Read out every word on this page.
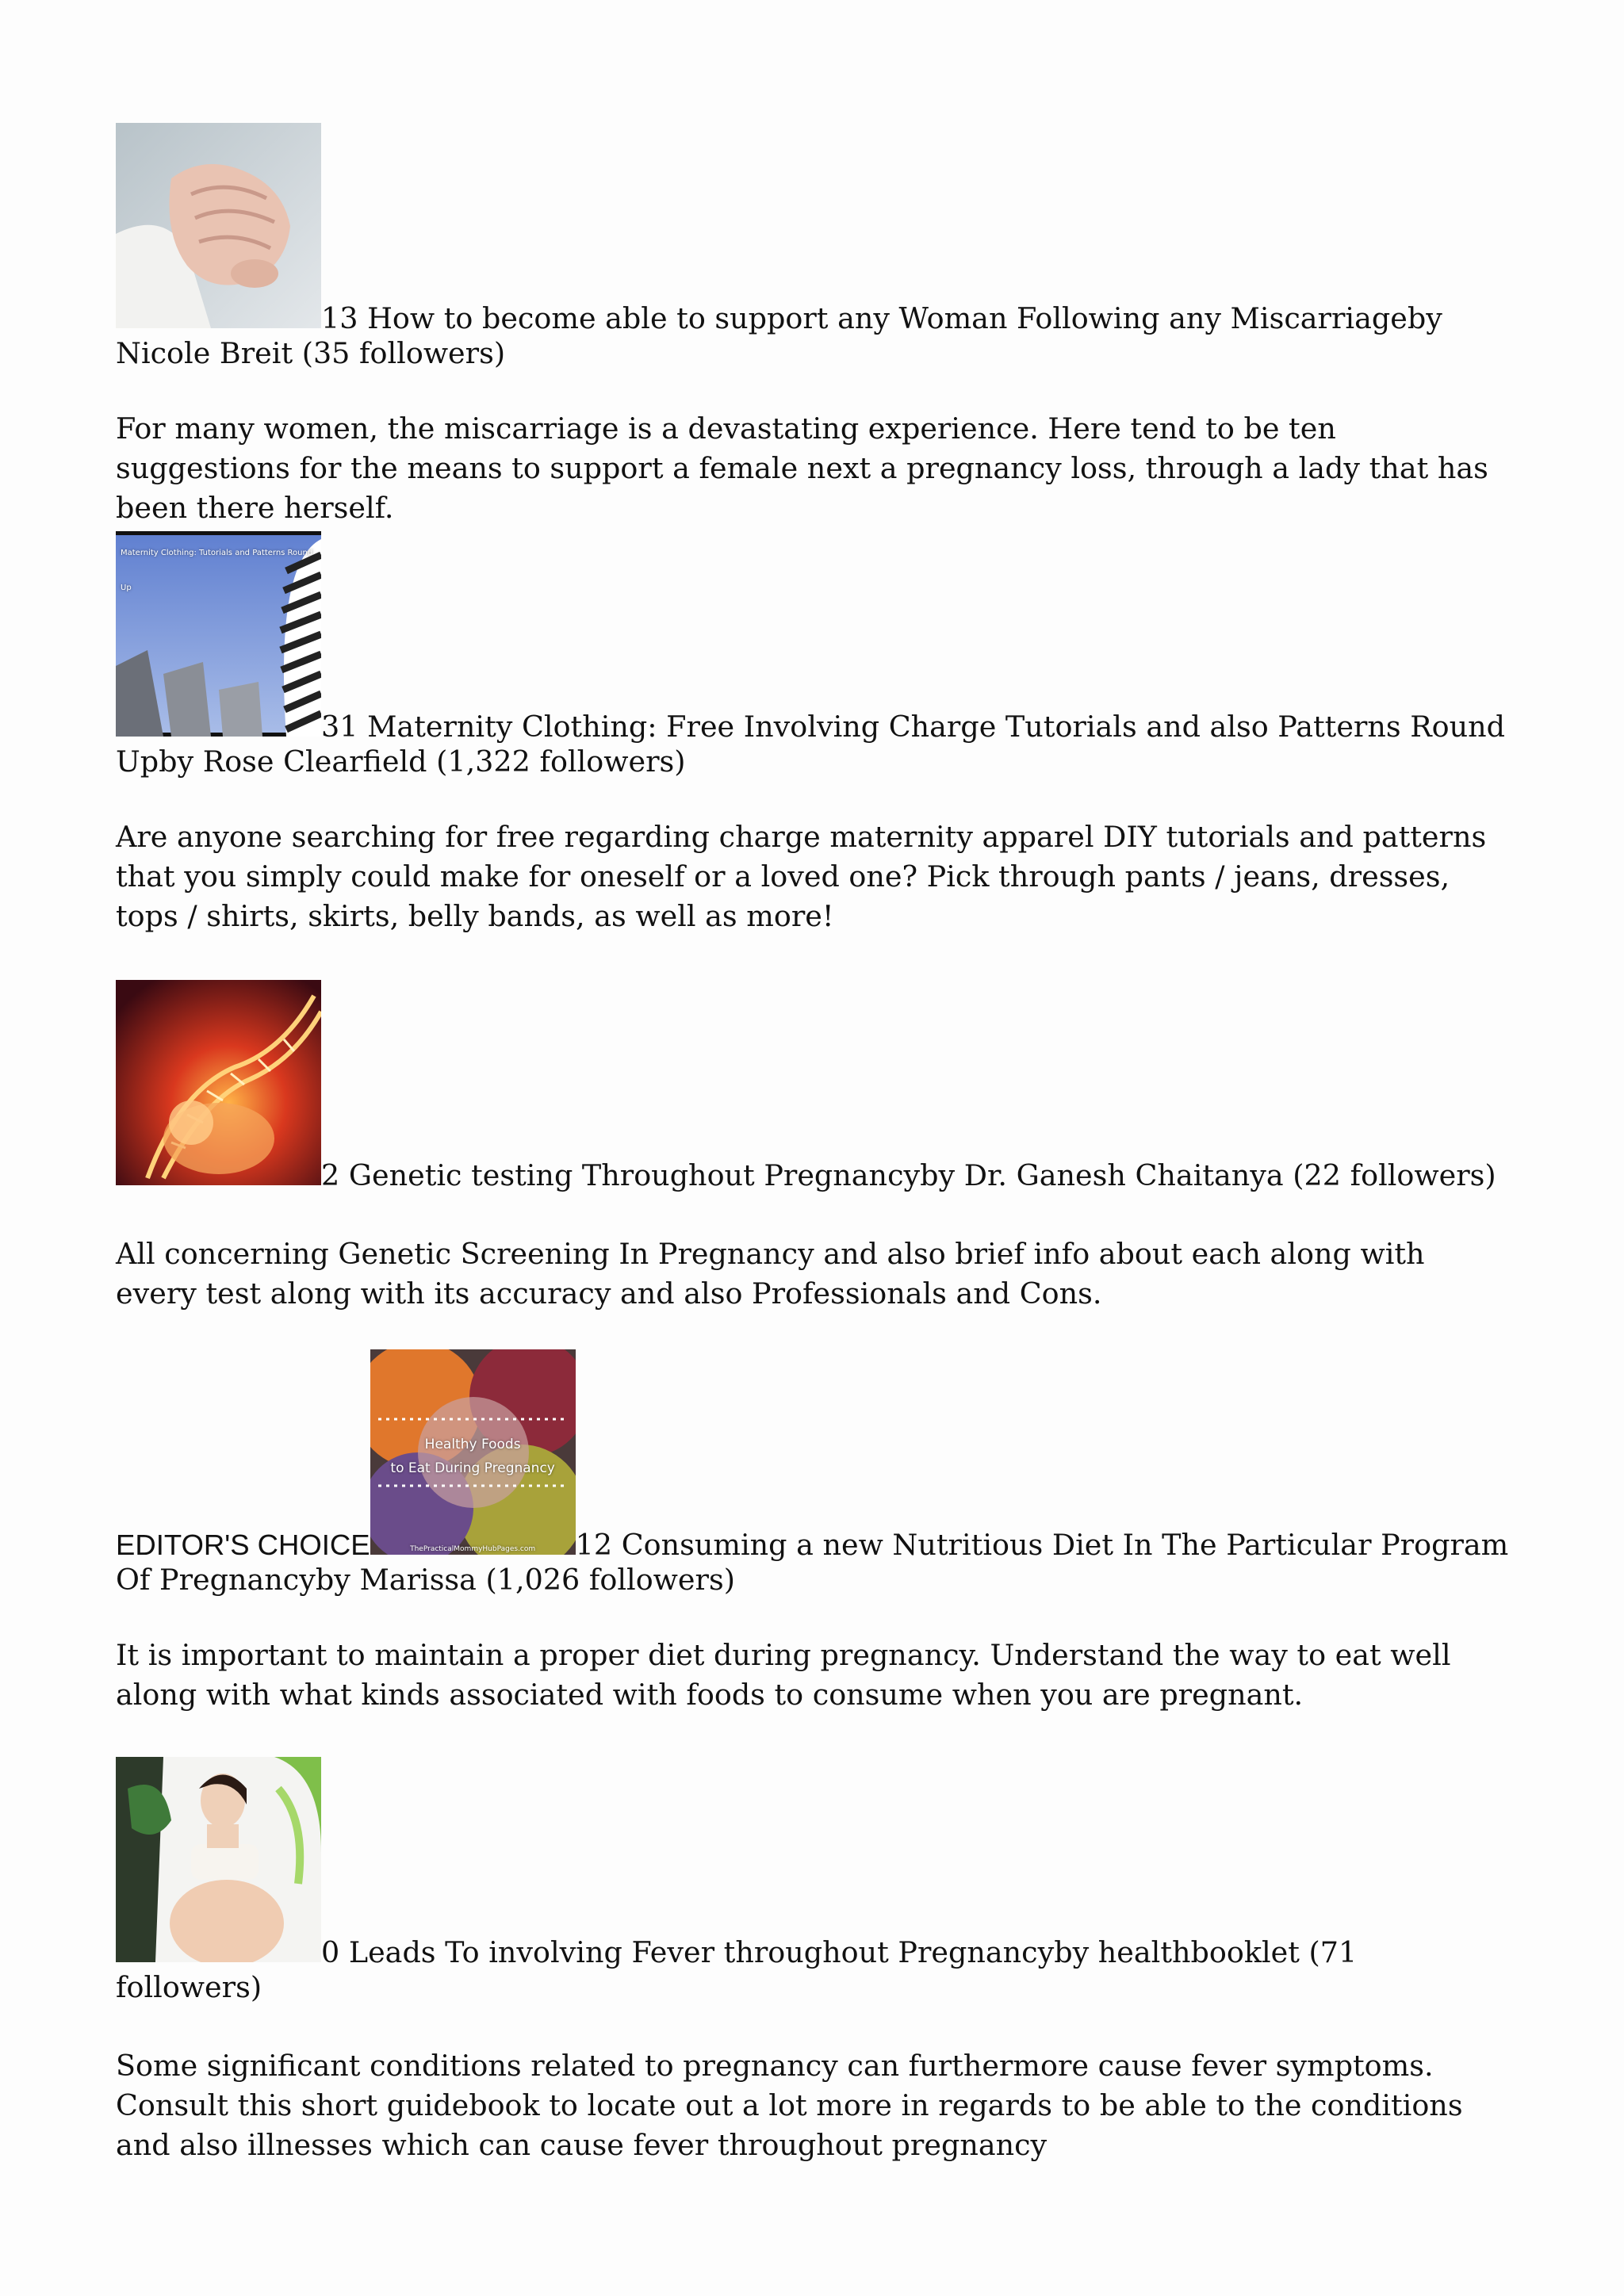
13 How to become able to support any Woman Following any Miscarriageby Nicole Breit (35 followers)

For many women, the miscarriage is a devastating experience. Here tend to be ten suggestions for the means to support a female next a pregnancy loss, through a lady that has been there herself.

Maternity Clothing: Tutorials and Patterns Round Up
31 Maternity Clothing: Free Involving Charge Tutorials and also Patterns Round Upby Rose Clearfield (1,322 followers)

Are anyone searching for free regarding charge maternity apparel DIY tutorials and patterns that you simply could make for oneself or a loved one? Pick through pants / jeans, dresses, tops / shirts, skirts, belly bands, as well as more!

2 Genetic testing Throughout Pregnancyby Dr. Ganesh Chaitanya (22 followers)

All concerning Genetic Screening In Pregnancy and also brief info about each along with every test along with its accuracy and also Professionals and Cons.

EDITOR'S CHOICE
Healthy Foods
to Eat During Pregnancy
ThePracticalMommyHubPages.com	12 Consuming a new Nutritious Diet In The Particular Program Of Pregnancyby Marissa (1,026 followers)

It is important to maintain a proper diet during pregnancy. Understand the way to eat well along with what kinds associated with foods to consume when you are pregnant.

0 Leads To involving Fever throughout Pregnancyby healthbooklet (71 followers)

Some significant conditions related to pregnancy can furthermore cause fever symptoms. Consult this short guidebook to locate out a lot more in regards to be able to the conditions and also illnesses which can cause fever throughout pregnancy
